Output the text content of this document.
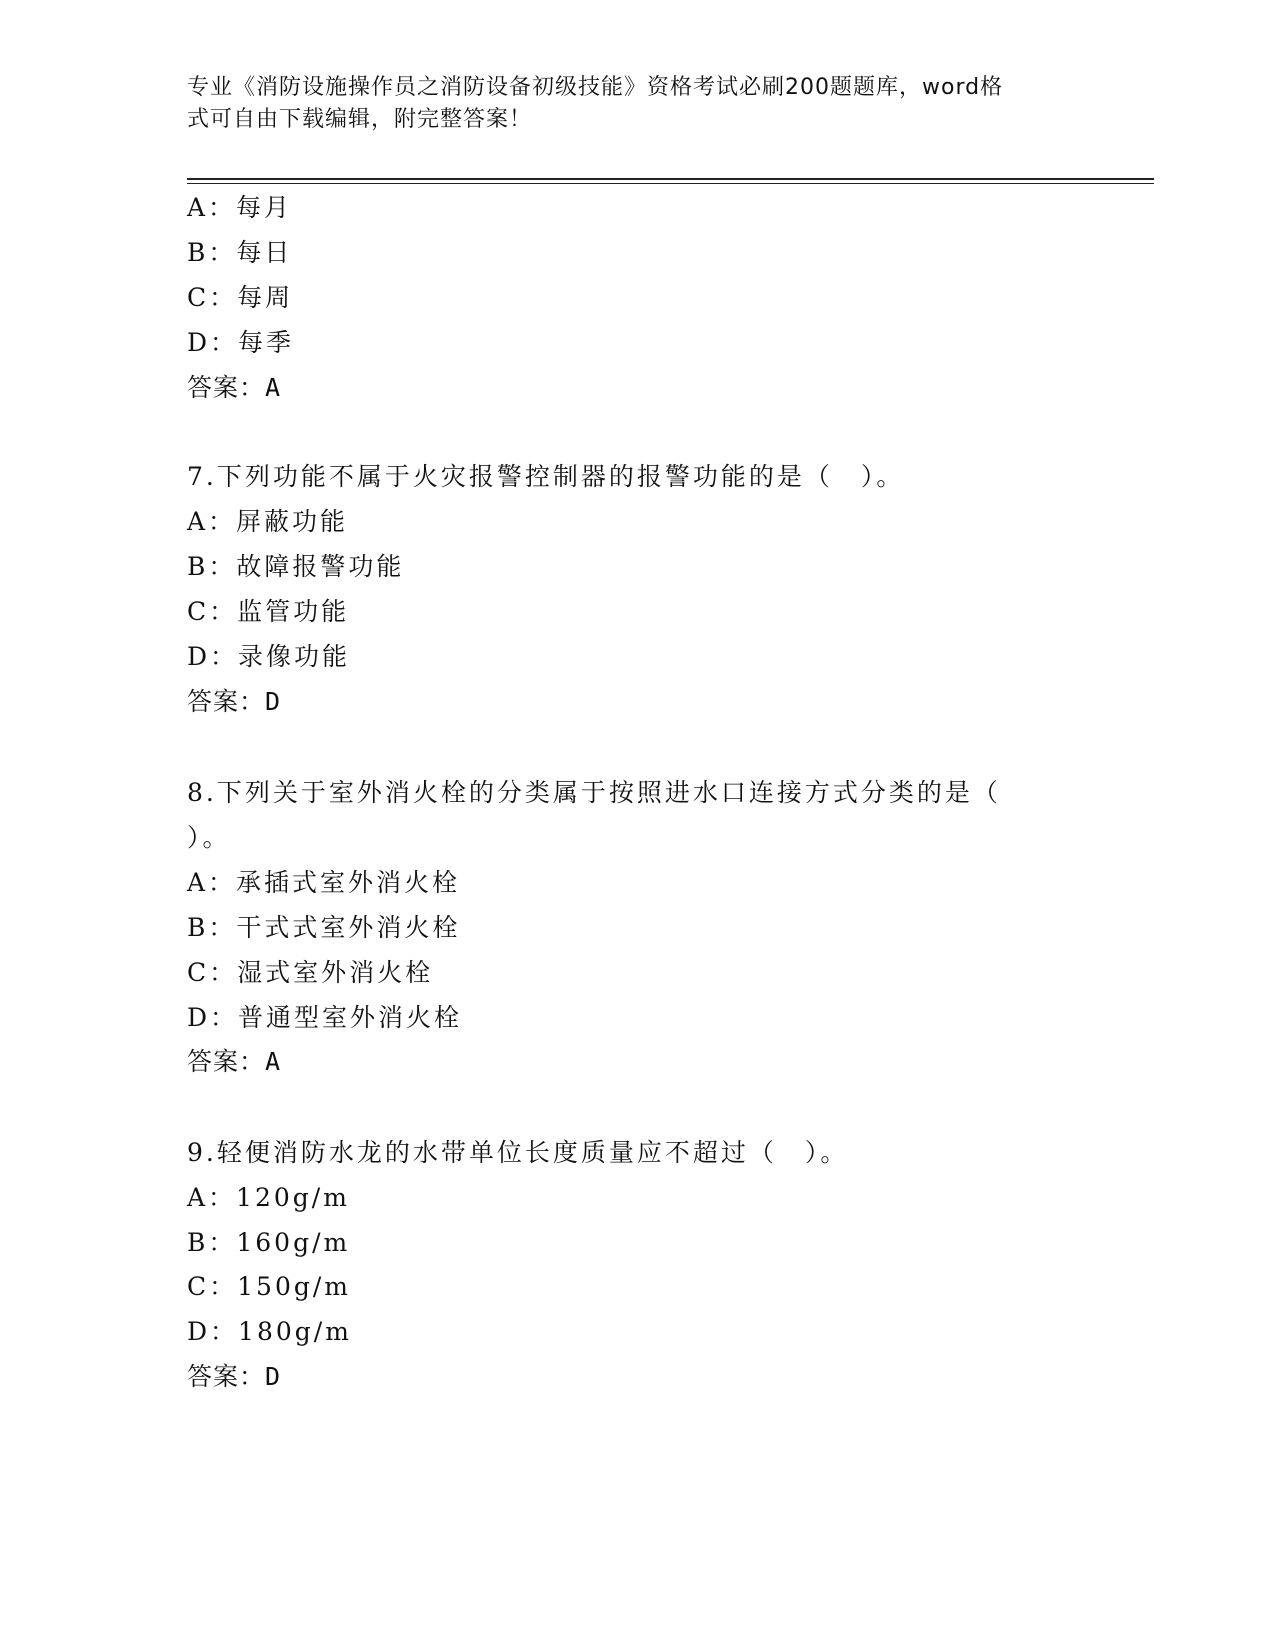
专业《消防设施操作员之消防设备初级技能》资格考试必刷200题题库，word格
式可自由下载编辑，附完整答案！
A：每月
B：每日
C：每周
D：每季
答案：A
7.下列功能不属于火灾报警控制器的报警功能的是（　）。
A：屏蔽功能
B：故障报警功能
C：监管功能
D：录像功能
答案：D
8.下列关于室外消火栓的分类属于按照进水口连接方式分类的是（
）。
A：承插式室外消火栓
B：干式式室外消火栓
C：湿式室外消火栓
D：普通型室外消火栓
答案：A
9.轻便消防水龙的水带单位长度质量应不超过（　）。
A：120g/m
B：160g/m
C：150g/m
D：180g/m
答案：D
